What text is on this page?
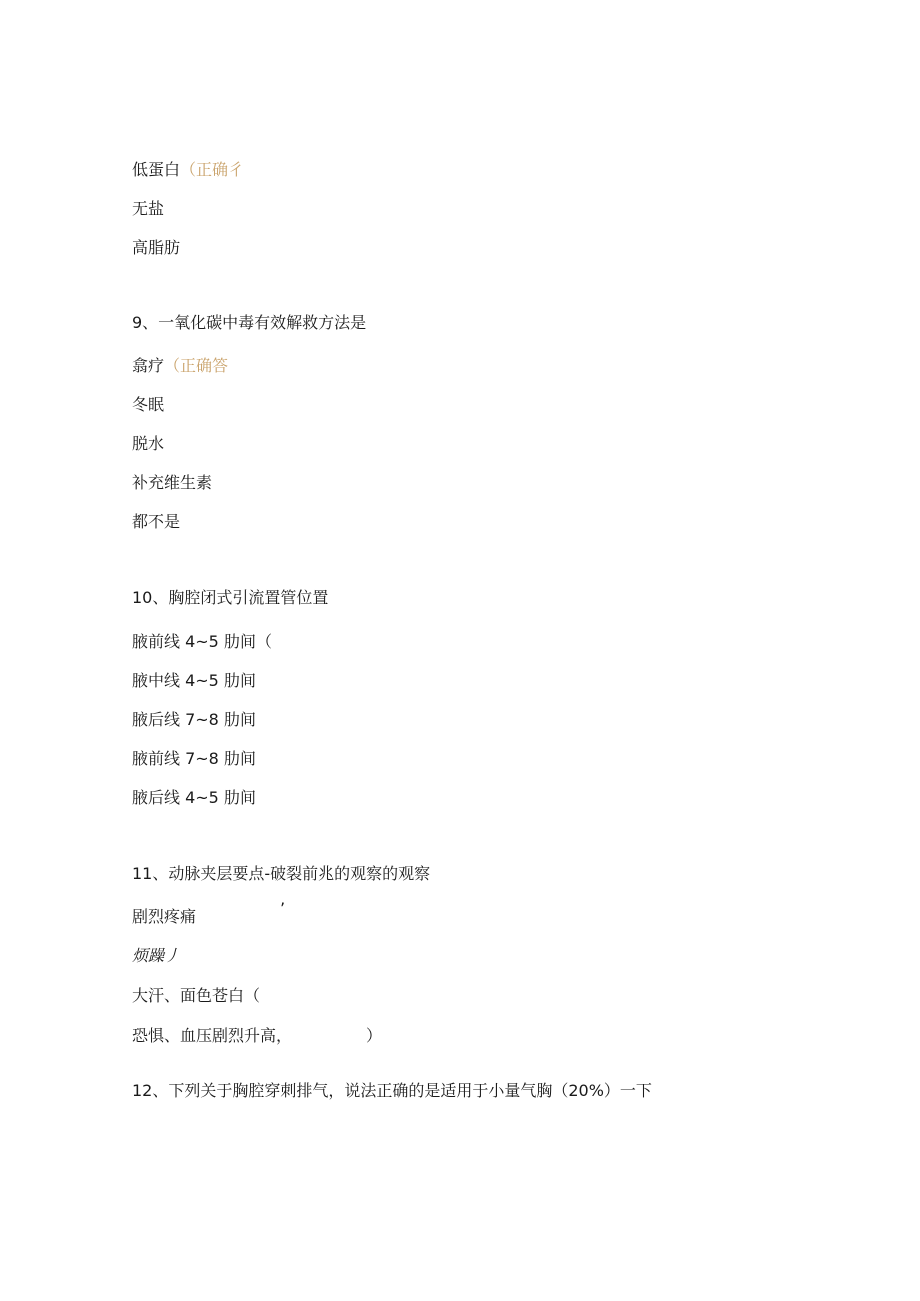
低蛋白（正确彳
无盐
高脂肪
9、一氧化碳中毒有效解救方法是
翕疗（正确答
冬眠
脱水
补充维生素
都不是
10、胸腔闭式引流置管位置
腋前线 4~5 肋间（
腋中线 4~5 肋间
腋后线 7~8 肋间
腋前线 7~8 肋间
腋后线 4~5 肋间
11、动脉夹层要点-破裂前兆的观察的观察
剧烈疼痛	’
烦躁丿
大汗、面色苍白（
恐惧、血压剧烈升高，	）
12、下列关于胸腔穿刺排气，说法正确的是适用于小量气胸（20%）一下
